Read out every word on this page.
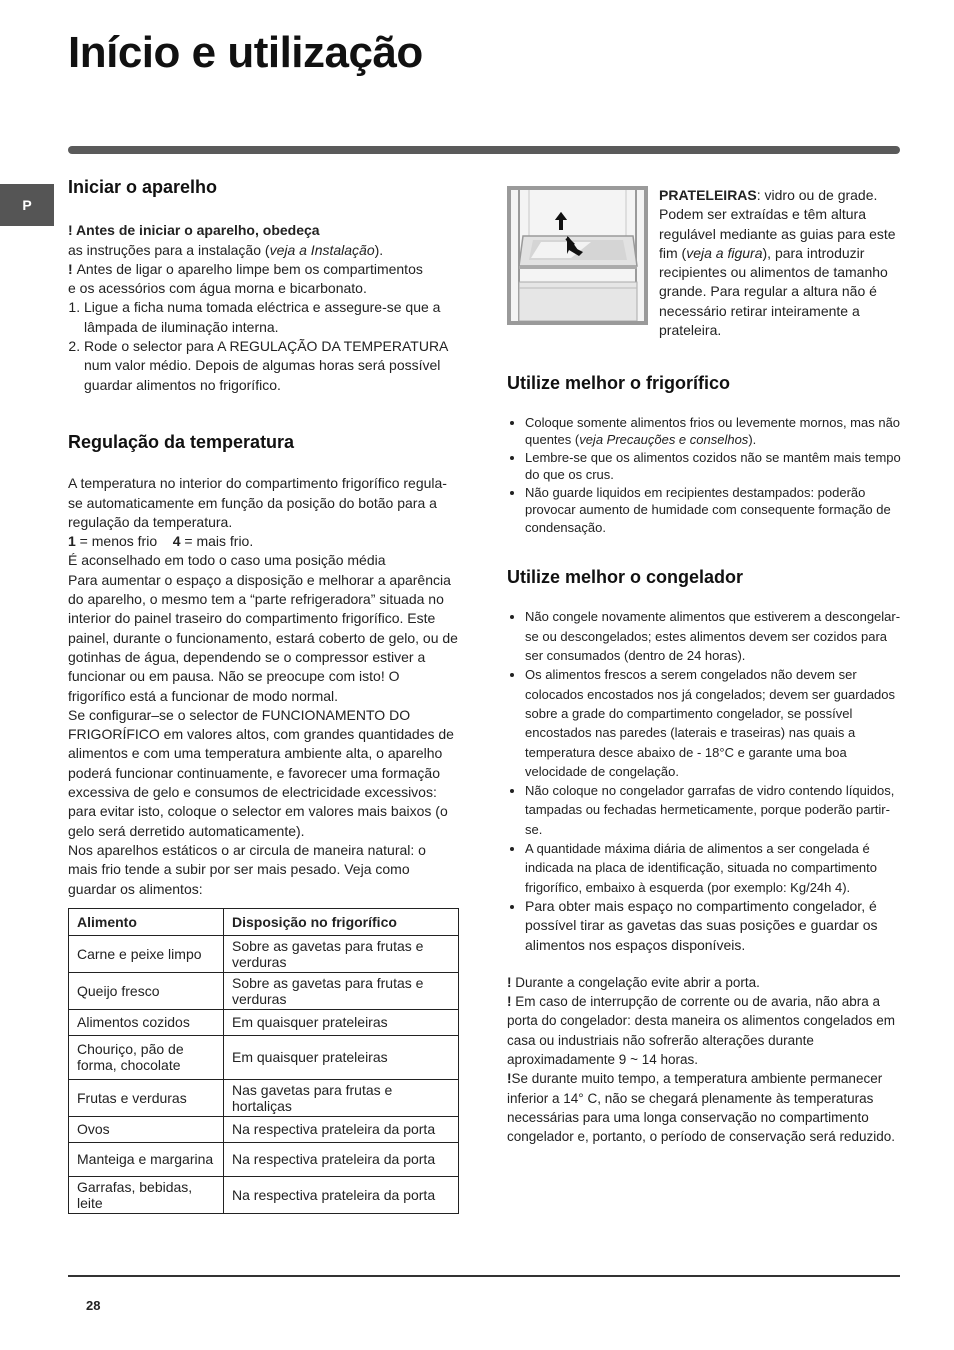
Início e utilização
P
Iniciar o aparelho

! Antes de iniciar o aparelho, obedeça
as instruções para a instalação (veja a Instalação).

! Antes de ligar o aparelho limpe bem os compartimentos

e os acessórios com água morna e bicarbonato.

1. Ligue a ficha numa tomada eléctrica e assegure-se que a lâmpada de iluminação interna.
2. Rode o selector para A REGULAÇÃO DA TEMPERATURA num valor médio. Depois de algumas horas será possível guardar alimentos no frigorífico.
Regulação da temperatura

A temperatura no interior do compartimento frigorífico regula-se automaticamente em função da posição do botão para a regulação da temperatura.

1 = menos frio 4 = mais frio.

É aconselhado em todo o caso uma posição média

Para aumentar o espaço a disposição e melhorar a aparência do aparelho, o mesmo tem a “parte refrigeradora” situada no interior do painel traseiro do compartimento frigorífico. Este painel, durante o funcionamento, estará coberto de gelo, ou de gotinhas de água, dependendo se o compressor estiver a funcionar ou em pausa. Não se preocupe com isto! O frigorífico está a funcionar de modo normal.

Se configurar–se o selector de FUNCIONAMENTO DO FRIGORÍFICO em valores altos, com grandes quantidades de alimentos e com uma temperatura ambiente alta, o aparelho poderá funcionar continuamente, e favorecer uma formação excessiva de gelo e consumos de electricidade excessivos: para evitar isto, coloque o selector em valores mais baixos (o gelo será derretido automaticamente).

Nos aparelhos estáticos o ar circula de maneira natural: o mais frio tende a subir por ser mais pesado. Veja como guardar os alimentos:

Alimento	Disposição no frigorífico
Carne e peixe limpo	Sobre as gavetas para frutas e verduras
Queijo fresco	Sobre as gavetas para frutas e verduras
Alimentos cozidos	Em quaisquer prateleiras
Chouriço, pão de forma, chocolate	Em quaisquer prateleiras
Frutas e verduras	Nas gavetas para frutas e hortaliças
Ovos	Na respectiva prateleira da porta
Manteiga e margarina	Na respectiva prateleira da porta
Garrafas, bebidas, leite	Na respectiva prateleira da porta
PRATELEIRAS: vidro ou de grade. Podem ser extraídas e têm altura regulável mediante as guias para este fim (veja a figura), para introduzir recipientes ou alimentos de tamanho grande. Para regular a altura não é necessário retirar inteiramente a prateleira.
Utilize melhor o frigorífico
• Coloque somente alimentos frios ou levemente mornos, mas não quentes (veja Precauções e conselhos).
• Lembre-se que os alimentos cozidos não se mantêm mais tempo do que os crus.
• Não guarde liquidos em recipientes destampados: poderão provocar aumento de humidade com consequente formação de condensação.
Utilize melhor o congelador
• Não congele novamente alimentos que estiverem a descongelar-se ou descongelados; estes alimentos devem ser cozidos para ser consumados (dentro de 24 horas).
• Os alimentos frescos a serem congelados não devem ser colocados encostados nos já congelados; devem ser guardados sobre a grade do compartimento congelador, se possível encostados nas paredes (laterais e traseiras) nas quais a temperatura desce abaixo de - 18°C e garante uma boa velocidade de congelação.
• Não coloque no congelador garrafas de vidro contendo líquidos, tampadas ou fechadas hermeticamente, porque poderão partir-se.
• A quantidade máxima diária de alimentos a ser congelada é indicada na placa de identificação, situada no compartimento frigorífico, embaixo à esquerda (por exemplo: Kg/24h 4).
• Para obter mais espaço no compartimento congelador, é possível tirar as gavetas das suas posições e guardar os alimentos nos espaços disponíveis.

! Durante a congelação evite abrir a porta.

! Em caso de interrupção de corrente ou de avaria, não abra a porta do congelador: desta maneira os alimentos congelados em casa ou industriais não sofrerão alterações durante aproximadamente 9 ~ 14 horas.

!Se durante muito tempo, a temperatura ambiente permanecer inferior a 14° C, não se chegará plenamente às temperaturas necessárias para uma longa conservação no compartimento congelador e, portanto, o período de conservação será reduzido.

28
